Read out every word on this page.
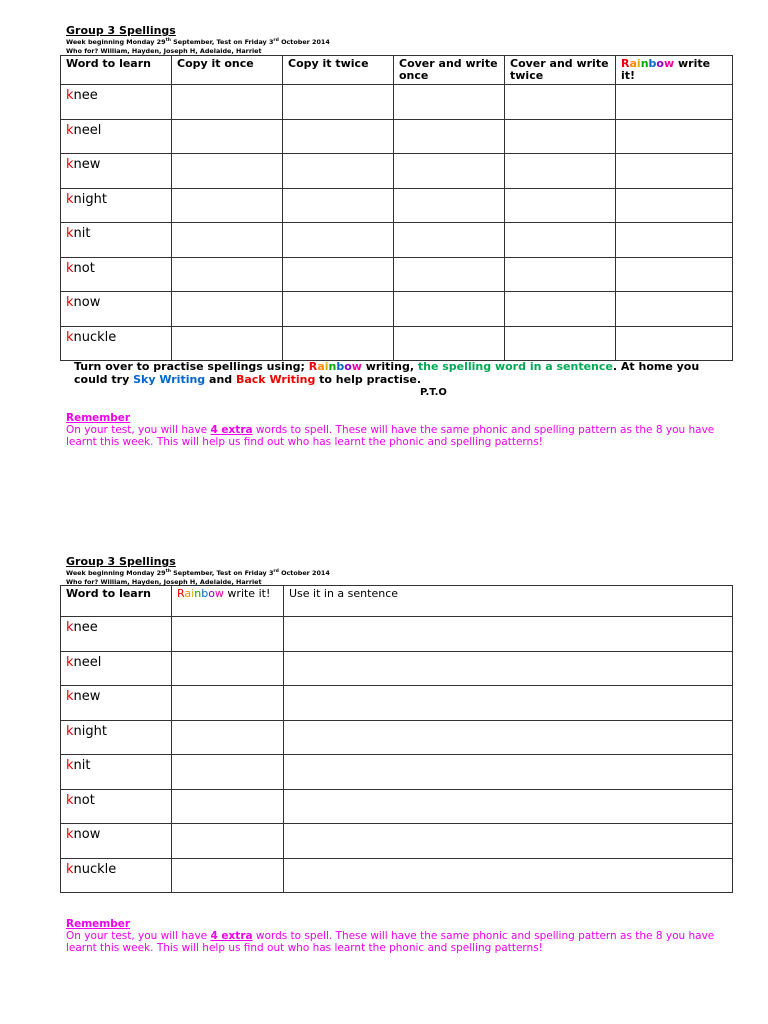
Group 3 Spellings
Week beginning Monday 29th September, Test on Friday 3rd October 2014
Who for? William, Hayden, Joseph H, Adelaide, Harriet
Word to learn	Copy it once	Copy it twice	Cover and write once	Cover and write twice	Rainbow write it!
knee					
kneel					
knew					
knight					
knit					
knot					
know					
knuckle					
Turn over to practise spellings using; Rainbow writing, the spelling word in a sentence. At home you could try Sky Writing and Back Writing to help practise.
P.T.O
Remember
On your test, you will have 4 extra words to spell. These will have the same phonic and spelling pattern as the 8 you have learnt this week. This will help us find out who has learnt the phonic and spelling patterns!
Group 3 Spellings
Week beginning Monday 29th September, Test on Friday 3rd October 2014
Who for? William, Hayden, Joseph H, Adelaide, Harriet
Word to learn	Rainbow write it!	Use it in a sentence
knee		
kneel		
knew		
knight		
knit		
knot		
know		
knuckle		
Remember
On your test, you will have 4 extra words to spell. These will have the same phonic and spelling pattern as the 8 you have learnt this week. This will help us find out who has learnt the phonic and spelling patterns!
